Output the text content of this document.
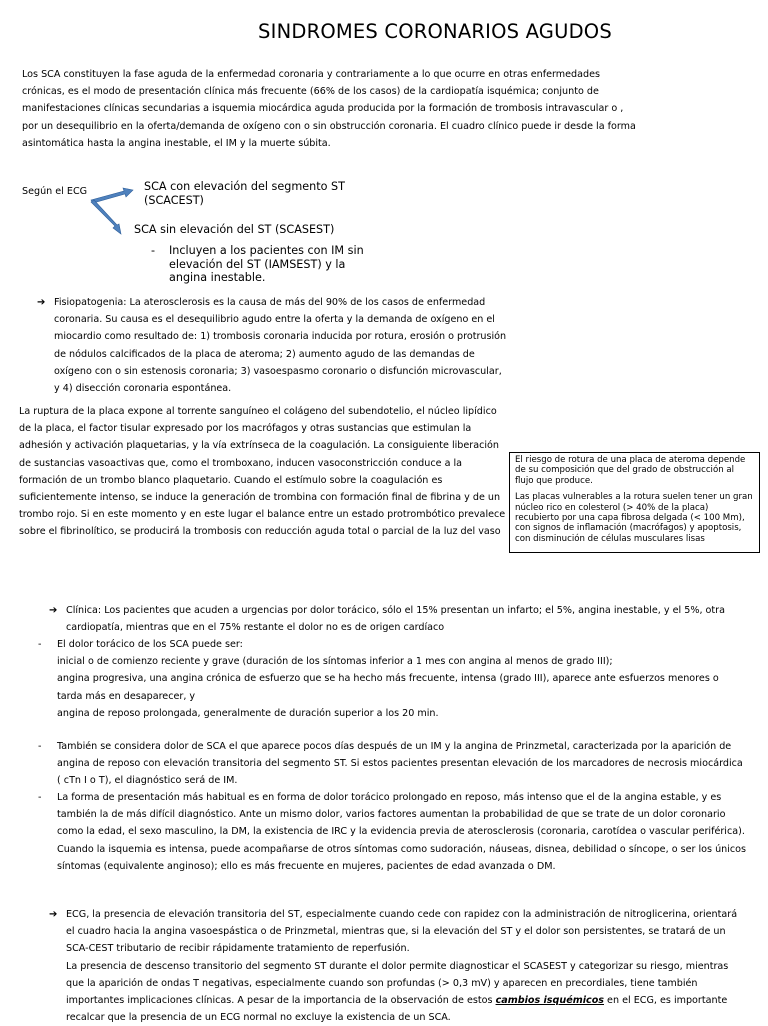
SINDROMES CORONARIOS AGUDOS

Los SCA constituyen la fase aguda de la enfermedad coronaria y contrariamente a lo que ocurre en otras enfermedades crónicas, es el modo de presentación clínica más frecuente (66% de los casos) de la cardiopatía isquémica; conjunto de manifestaciones clínicas secundarias a isquemia miocárdica aguda producida por la formación de trombosis intravascular o , por un desequilibrio en la oferta/demanda de oxígeno con o sin obstrucción coronaria. El cuadro clínico puede ir desde la forma asintomática hasta la angina inestable, el IM y la muerte súbita.

Según el ECG	SCA con elevación del segmento ST (SCACEST)
SCA sin elevación del ST (SCASEST)
- Incluyen a los pacientes con IM sin elevación del ST (IAMSEST) y la angina inestable.
➔ Fisiopatogenia: La aterosclerosis es la causa de más del 90% de los casos de enfermedad coronaria. Su causa es el desequilibrio agudo entre la oferta y la demanda de oxígeno en el miocardio como resultado de: 1) trombosis coronaria inducida por rotura, erosión o protrusión de nódulos calcificados de la placa de ateroma; 2) aumento agudo de las demandas de oxígeno con o sin estenosis coronaria; 3) vasoespasmo coronario o disfunción microvascular, y 4) disección coronaria espontánea.

La ruptura de la placa expone al torrente sanguíneo el colágeno del subendotelio, el núcleo lipídico de la placa, el factor tisular expresado por los macrófagos y otras sustancias que estimulan la adhesión y activación plaquetarias, y la vía extrínseca de la coagulación. La consiguiente liberación de sustancias vasoactivas que, como el tromboxano, inducen vasoconstricción conduce a la formación de un trombo blanco plaquetario. Cuando el estímulo sobre la coagulación es suficientemente intenso, se induce la generación de trombina con formación final de fibrina y de un trombo rojo. Si en este momento y en este lugar el balance entre un estado protrombótico prevalece sobre el fibrinolítico, se producirá la trombosis con reducción aguda total o parcial de la luz del vaso

El riesgo de rotura de una placa de ateroma depende de su composición que del grado de obstrucción al flujo que produce.

Las placas vulnerables a la rotura suelen tener un gran núcleo rico en colesterol (> 40% de la placa) recubierto por una capa fibrosa delgada (< 100 Mm), con signos de inflamación (macrófagos) y apoptosis, con disminución de células musculares lisas

➔ Clínica: Los pacientes que acuden a urgencias por dolor torácico, sólo el 15% presentan un infarto; el 5%, angina inestable, y el 5%, otra cardiopatía, mientras que en el 75% restante el dolor no es de origen cardíaco

- El dolor torácico de los SCA puede ser:
inicial o de comienzo reciente y grave (duración de los síntomas inferior a 1 mes con angina al menos de grado III);
angina progresiva, una angina crónica de esfuerzo que se ha hecho más frecuente, intensa (grado III), aparece ante esfuerzos menores o tarda más en desaparecer, y
angina de reposo prolongada, generalmente de duración superior a los 20 min.
- También se considera dolor de SCA el que aparece pocos días después de un IM y la angina de Prinzmetal, caracterizada por la aparición de angina de reposo con elevación transitoria del segmento ST. Si estos pacientes presentan elevación de los marcadores de necrosis miocárdica ( cTn I o T), el diagnóstico será de IM.

- La forma de presentación más habitual es en forma de dolor torácico prolongado en reposo, más intenso que el de la angina estable, y es también la de más difícil diagnóstico. Ante un mismo dolor, varios factores aumentan la probabilidad de que se trate de un dolor coronario como la edad, el sexo masculino, la DM, la existencia de IRC y la evidencia previa de aterosclerosis (coronaria, carotídea o vascular periférica). Cuando la isquemia es intensa, puede acompañarse de otros síntomas como sudoración, náuseas, disnea, debilidad o síncope, o ser los únicos síntomas (equivalente anginoso); ello es más frecuente en mujeres, pacientes de edad avanzada o DM.

➔ ECG, la presencia de elevación transitoria del ST, especialmente cuando cede con rapidez con la administración de nitroglicerina, orientará el cuadro hacia la angina vasoespástica o de Prinzmetal, mientras que, si la elevación del ST y el dolor son persistentes, se tratará de un SCA-CEST tributario de recibir rápidamente tratamiento de reperfusión.
La presencia de descenso transitorio del segmento ST durante el dolor permite diagnosticar el SCASEST y categorizar su riesgo, mientras que la aparición de ondas T negativas, especialmente cuando son profundas (> 0,3 mV) y aparecen en precordiales, tiene también importantes implicaciones clínicas. A pesar de la importancia de la observación de estos cambios isquémicos en el ECG, es importante recalcar que la presencia de un ECG normal no excluye la existencia de un SCA.
